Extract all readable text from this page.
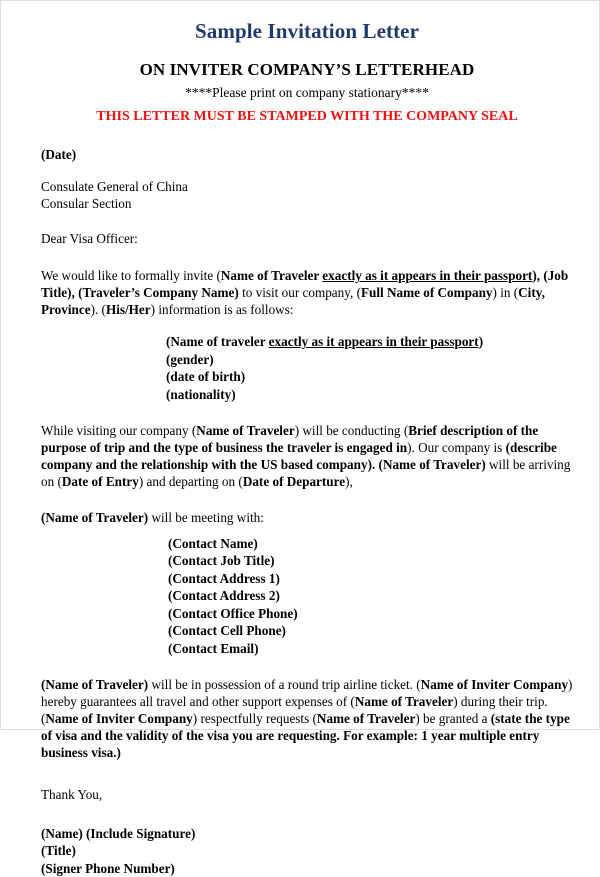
Sample Invitation Letter
ON INVITER COMPANY’S LETTERHEAD
****Please print on company stationary****
THIS LETTER MUST BE STAMPED WITH THE COMPANY SEAL
(Date)
Consulate General of China
Consular Section
Dear Visa Officer:

We would like to formally invite (Name of Traveler exactly as it appears in their passport), (Job Title), (Traveler’s Company Name) to visit our company, (Full Name of Company) in (City, Province). (His/Her) information is as follows:

(Name of traveler exactly as it appears in their passport)
(gender)
(date of birth)
(nationality)

While visiting our company (Name of Traveler) will be conducting (Brief description of the purpose of trip and the type of business the traveler is engaged in). Our company is (describe company and the relationship with the US based company). (Name of Traveler) will be arriving on (Date of Entry) and departing on (Date of Departure),

(Name of Traveler) will be meeting with:

(Contact Name)
(Contact Job Title)
(Contact Address 1)
(Contact Address 2)
(Contact Office Phone)
(Contact Cell Phone)
(Contact Email)

(Name of Traveler) will be in possession of a round trip airline ticket. (Name of Inviter Company) hereby guarantees all travel and other support expenses of (Name of Traveler) during their trip. (Name of Inviter Company) respectfully requests (Name of Traveler) be granted a (state the type of visa and the validity of the visa you are requesting. For example: 1 year multiple entry business visa.)

Thank You,
(Name) (Include Signature)
(Title)
(Signer Phone Number)
